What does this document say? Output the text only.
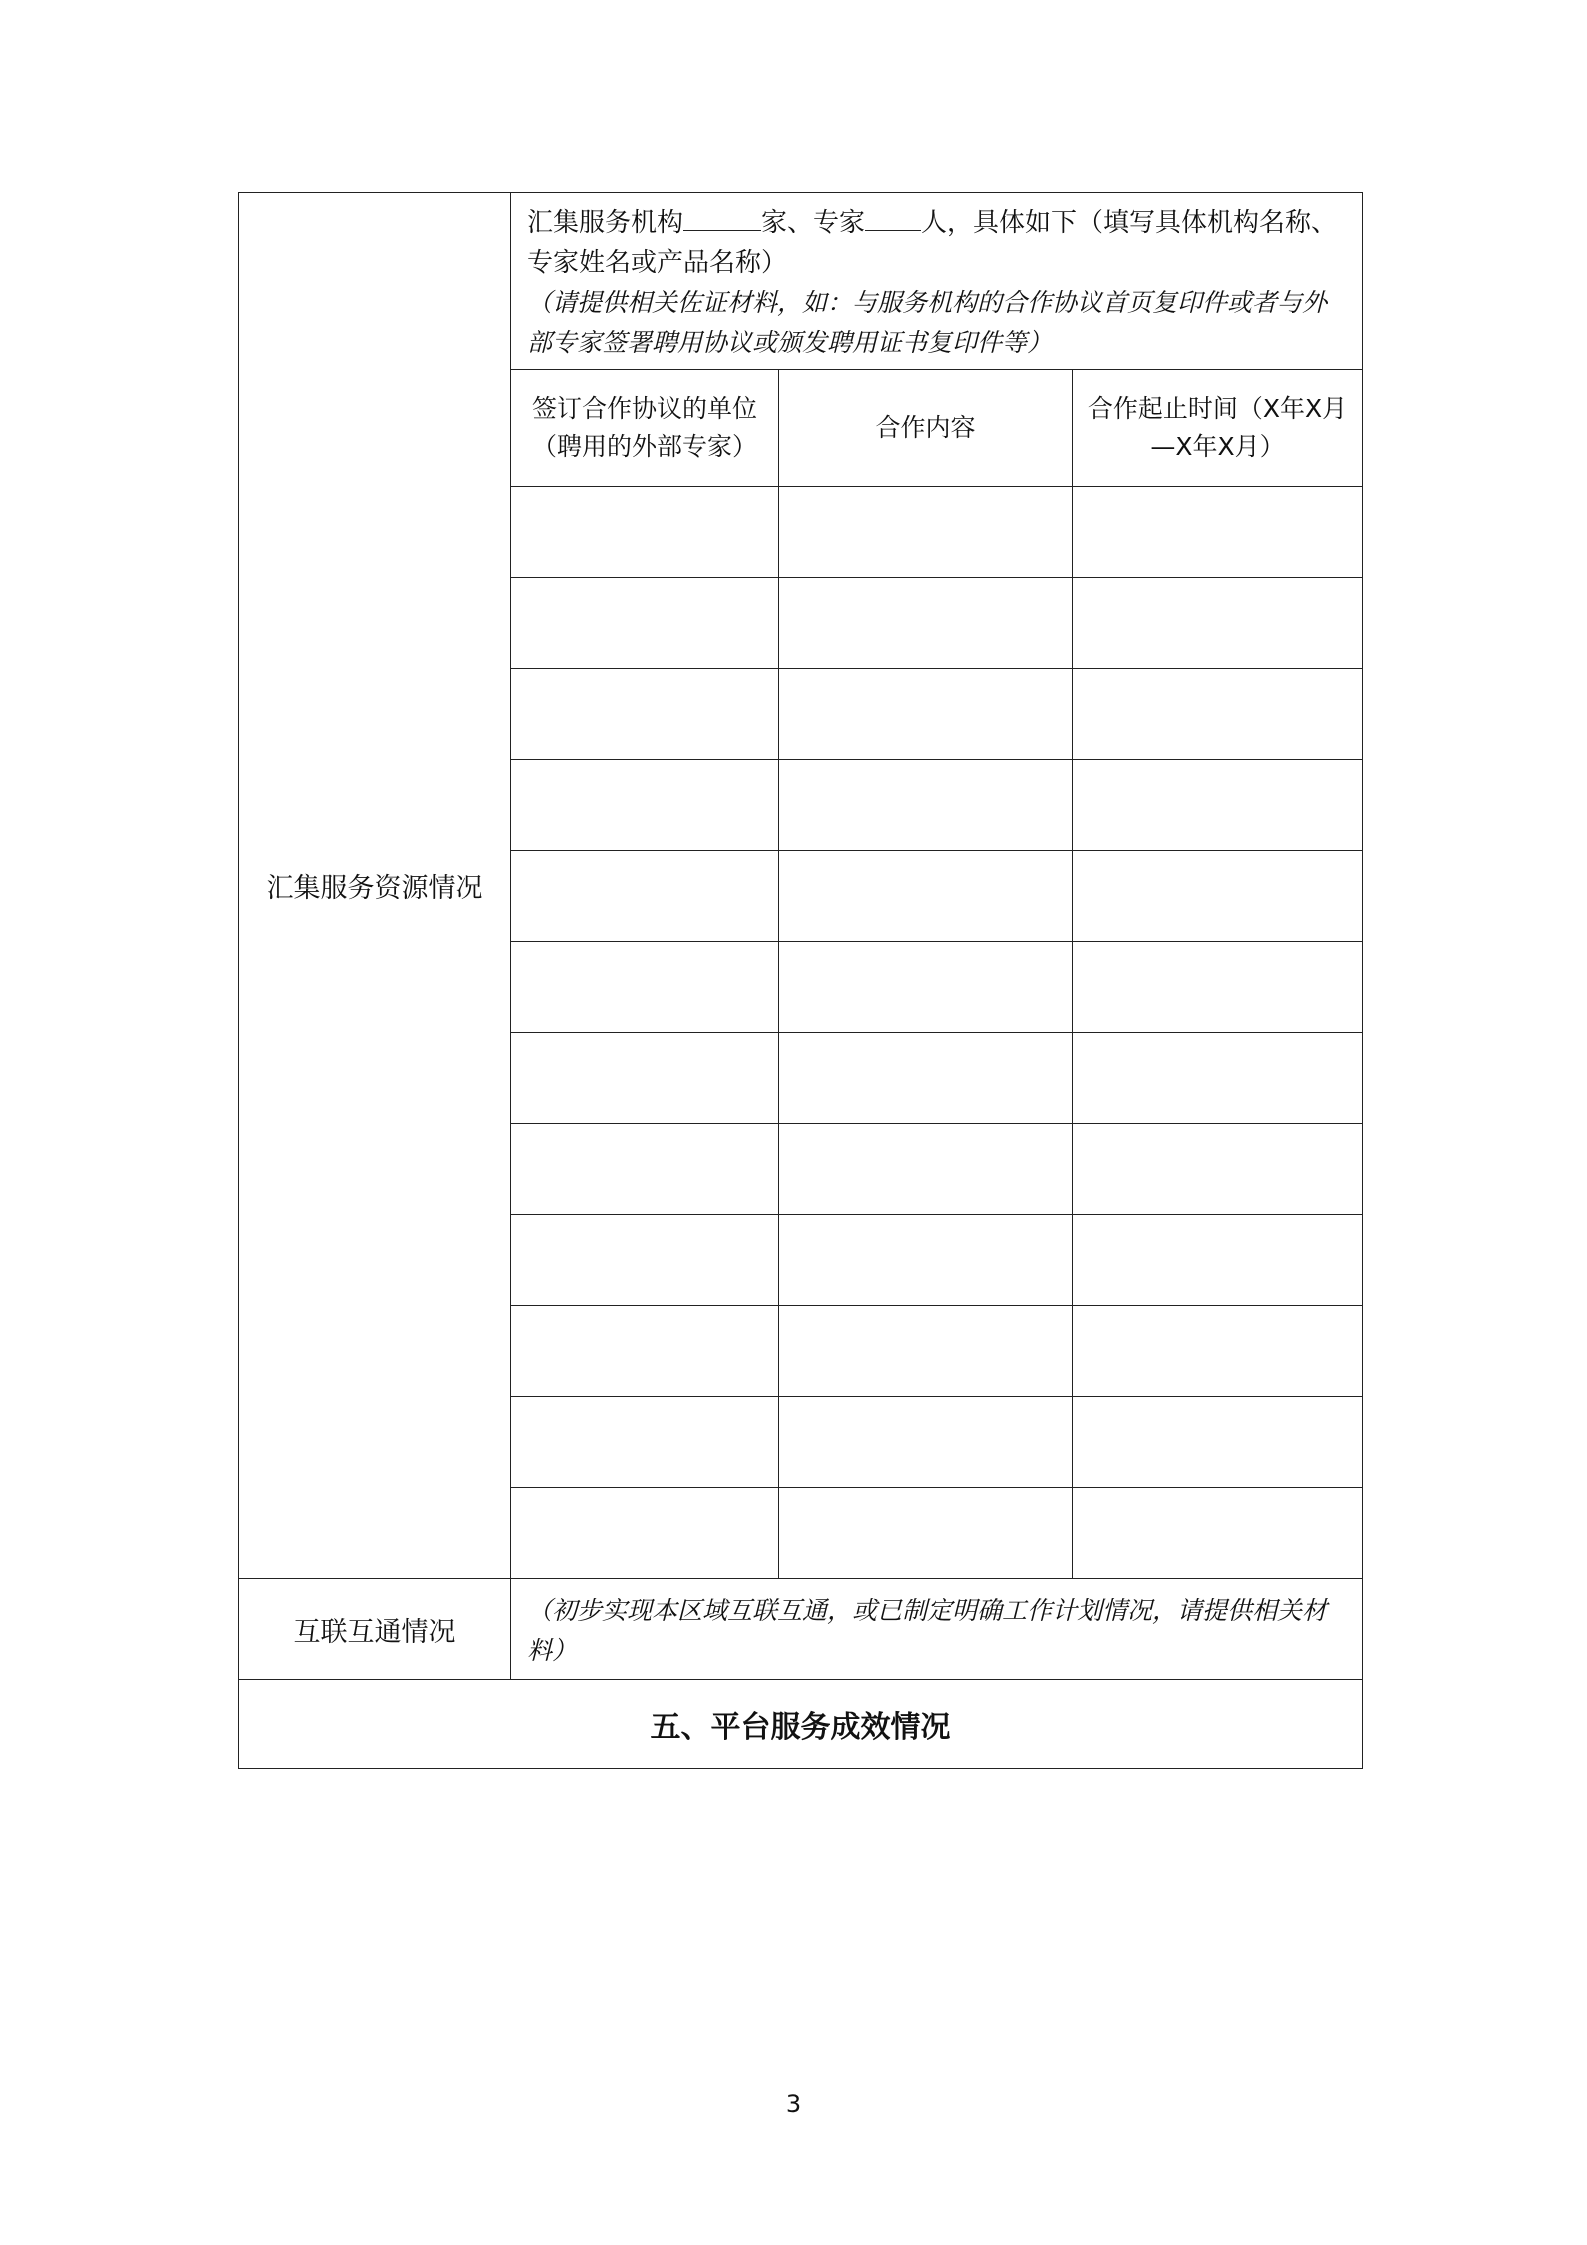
汇集服务资源情况	汇集服务机构 家、专家 人，具体如下（填写具体机构名称、专家姓名或产品名称）
（请提供相关佐证材料，如：与服务机构的合作协议首页复印件或者与外部专家签署聘用协议或颁发聘用证书复印件等）		
	签订合作协议的单位（聘用的外部专家）	合作内容	合作起止时间（X年X月—X年X月）

互联互通情况	（初步实现本区域互联互通，或已制定明确工作计划情况，请提供相关材料）		
五、平台服务成效情况			
3
